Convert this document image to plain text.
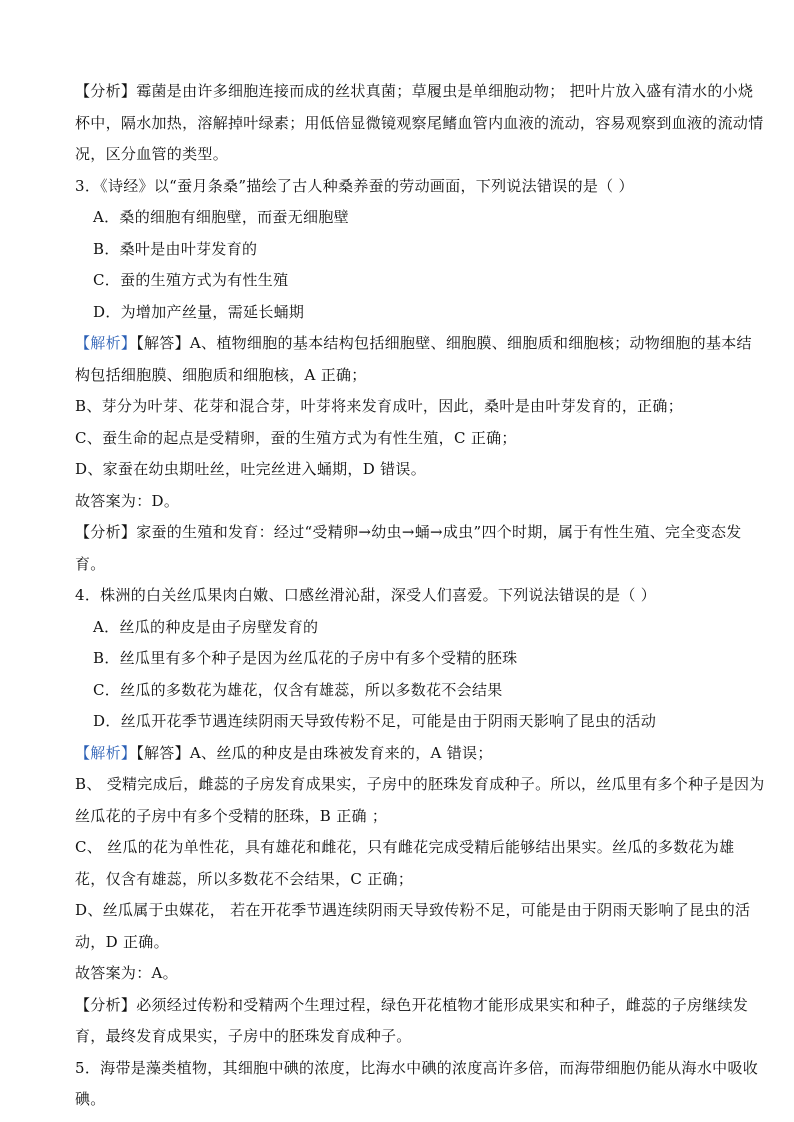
【分析】霉菌是由许多细胞连接而成的丝状真菌；草履虫是单细胞动物； 把叶片放入盛有清水的小烧杯中，隔水加热，溶解掉叶绿素；用低倍显微镜观察尾鳍血管内血液的流动，容易观察到血液的流动情况，区分血管的类型。

3．《诗经》以“蚕月条桑”描绘了古人种桑养蚕的劳动画面，下列说法错误的是（ ）

A．桑的细胞有细胞壁，而蚕无细胞壁

B．桑叶是由叶芽发育的

C．蚕的生殖方式为有性生殖

D．为增加产丝量，需延长蛹期

【解析】【解答】A、植物细胞的基本结构包括细胞壁、细胞膜、细胞质和细胞核；动物细胞的基本结构包括细胞膜、细胞质和细胞核，A 正确；

B、芽分为叶芽、花芽和混合芽，叶芽将来发育成叶，因此，桑叶是由叶芽发育的，正确；

C、蚕生命的起点是受精卵，蚕的生殖方式为有性生殖，C 正确；

D、家蚕在幼虫期吐丝，吐完丝进入蛹期，D 错误。

故答案为：D。

【分析】家蚕的生殖和发育：经过“受精卵→幼虫→蛹→成虫”四个时期，属于有性生殖、完全变态发育。

4．株洲的白关丝瓜果肉白嫩、口感丝滑沁甜，深受人们喜爱。下列说法错误的是（ ）

A．丝瓜的种皮是由子房壁发育的

B．丝瓜里有多个种子是因为丝瓜花的子房中有多个受精的胚珠

C．丝瓜的多数花为雄花，仅含有雄蕊，所以多数花不会结果

D．丝瓜开花季节遇连续阴雨天导致传粉不足，可能是由于阴雨天影响了昆虫的活动

【解析】【解答】A、丝瓜的种皮是由珠被发育来的，A 错误；

B、 受精完成后，雌蕊的子房发育成果实，子房中的胚珠发育成种子。所以，丝瓜里有多个种子是因为丝瓜花的子房中有多个受精的胚珠，B 正确 ；

C、 丝瓜的花为单性花，具有雄花和雌花，只有雌花完成受精后能够结出果实。丝瓜的多数花为雄花，仅含有雄蕊，所以多数花不会结果，C 正确；

D、丝瓜属于虫媒花， 若在开花季节遇连续阴雨天导致传粉不足，可能是由于阴雨天影响了昆虫的活动，D 正确。

故答案为：A。

【分析】必须经过传粉和受精两个生理过程，绿色开花植物才能形成果实和种子，雌蕊的子房继续发育，最终发育成果实，子房中的胚珠发育成种子。

5．海带是藻类植物，其细胞中碘的浓度，比海水中碘的浓度高许多倍，而海带细胞仍能从海水中吸收碘。
